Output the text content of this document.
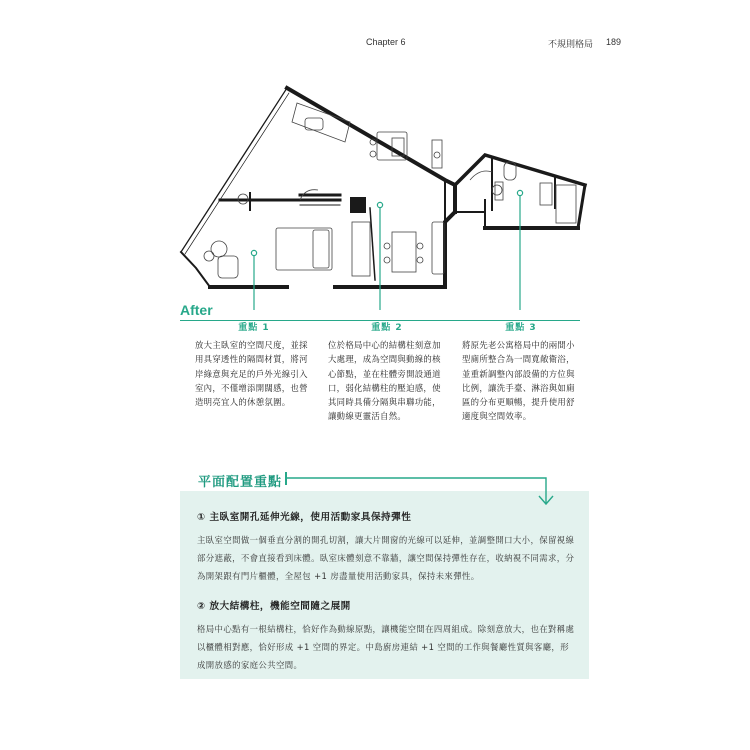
Chapter 6	不規則格局 189
After
重點 1
放大主臥室的空間尺度，並採用具穿透性的隔間材質，將河岸綠意與充足的戶外光線引入室內，不僅增添開闊感，也營造明亮宜人的休憩氛圍。
重點 2
位於格局中心的結構柱刻意加大處理，成為空間與動線的核心節點，並在柱體旁開設通道口，弱化結構柱的壓迫感，使其同時具備分隔與串聯功能，讓動線更靈活自然。
重點 3
將原先老公寓格局中的兩間小型廁所整合為一間寬敞衛浴，並重新調整內部設備的方位與比例，讓洗手臺、淋浴與如廁區的分布更順暢，提升使用舒適度與空間效率。
平面配置重點
① 主臥室開孔延伸光線，使用活動家具保持彈性
主臥室空間做一個垂直分割的開孔切割，讓大片開窗的光線可以延伸，並調整開口大小，保留視線部分遮蔽，不會直接看到床體。臥室床體刻意不靠牆，讓空間保持彈性存在，收納視不同需求，分為開架跟有門片櫃體，全屋包 +1 房盡量使用活動家具，保持未來彈性。
② 放大結構柱，機能空間隨之展開
格局中心點有一根結構柱，恰好作為動線原點，讓機能空間在四周組成。除刻意放大，也在對稱處以櫃體相對應，恰好形成 +1 空間的界定。中島廚房連結 +1 空間的工作與餐廳性質與客廳，形成開放感的家庭公共空間。
